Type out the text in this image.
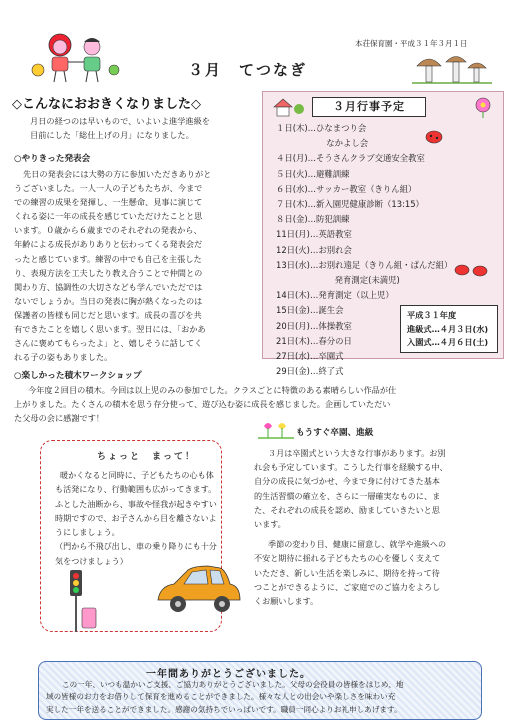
本荘保育園・平成３１年３月１日
３月　てつなぎ
◇こんなにおおきくなりました◇
月日の経つのは早いもので、いよいよ進学進級を
目前にした「総仕上げの月」になりました。
○やりきった発表会
先日の発表会には大勢の方に参加いただきありがと
うございました。一人一人の子どもたちが、今まで
での練習の成果を発揮し、一生懸命、見事に演じて
くれる姿に一年の成長を感じていただけたことと思
います。０歳から６歳までのそれぞれの発表から、
年齢による成長がありありと伝わってくる発表会だ
ったと感じています。練習の中でも自己を主張した
り、表現方法を工夫したり教え合うことで仲間との
関わり方、協調性の大切さなども学んでいただでは
ないでしょうか。当日の発表に胸が熱くなったのは
保護者の皆様も同じだと思います。成長の喜びを共
有できたことを嬉しく思います。翌日には、「おかあ
さんに褒めてもらったよ」と、嬉しそうに話してく
れる子の姿もありました。
３月行事予定
１日(木)…ひなまつり会
　　　　　　なかよし会
４日(月)…そうさんクラブ交通安全教室
５日(火)…避難訓練
６日(水)…サッカー教室（きりん組）
７日(木)…新入園児健康診断（13:15）
８日(金)…防犯訓練
11日(月)…英語教室
12日(火)…お別れ会
13日(水)…お別れ遠足（きりん組・ぱんだ組）
　　　　　　　発育測定(未満児)
14日(木)…発育測定（以上児）
15日(金)…誕生会
20日(月)…体操教室
21日(木)…春分の日
27日(水)…卒園式
29日(金)…終了式
平成３１年度
進級式…４月３日(水)
入園式…４月６日(土)
○楽しかった積木ワークショップ
今年度２回目の積木。今回は以上児のみの参加でした。クラスごとに特徴のある素晴らしい作品が仕
上がりました。たくさんの積木を思う存分使って、遊び込む姿に成長を感じました。企画していただい
た父母の会に感謝です！
ちょっと　まって！
暖かくなると同時に、子どもたちの心も体
も活発になり、行動範囲も広がってきます。
ふとした油断から、事故や怪我が起きやすい
時期ですので、お子さんから目を離さないよ
うにしましょう。
（門から不飛び出し、車の乗り降りにも十分
気をつけましょう）
もうすぐ卒園、進級
３月は卒園式という大きな行事があります。お別
れ会も予定しています。こうした行事を経験する中、
自分の成長に気づかせ、今まで身に付けてきた基本
的生活習慣の確立を、さらに一層確実なものに、ま
た、それぞれの成長を認め、励ましていきたいと思
います。
季節の変わり目、健康に留意し、就学や進級への
不安と期待に揺れる子どもたちの心を優しく支えて
いただき、新しい生活を楽しみに、期待を持って待
つことができるように、ご家庭でのご協力をよろし
くお願いします。
一年間ありがとうございました。
この一年、いつも温かいご支援、ご協力ありがとうございました。父母の会役員の皆様をはじめ、地
域の皆様のお力をお借りして保育を進めることができました。様々な人との出会いや楽しさを味わい充
実した一年を送ることができました。感謝の気持ちでいっぱいです。職員一同心よりお礼申しあげます。
